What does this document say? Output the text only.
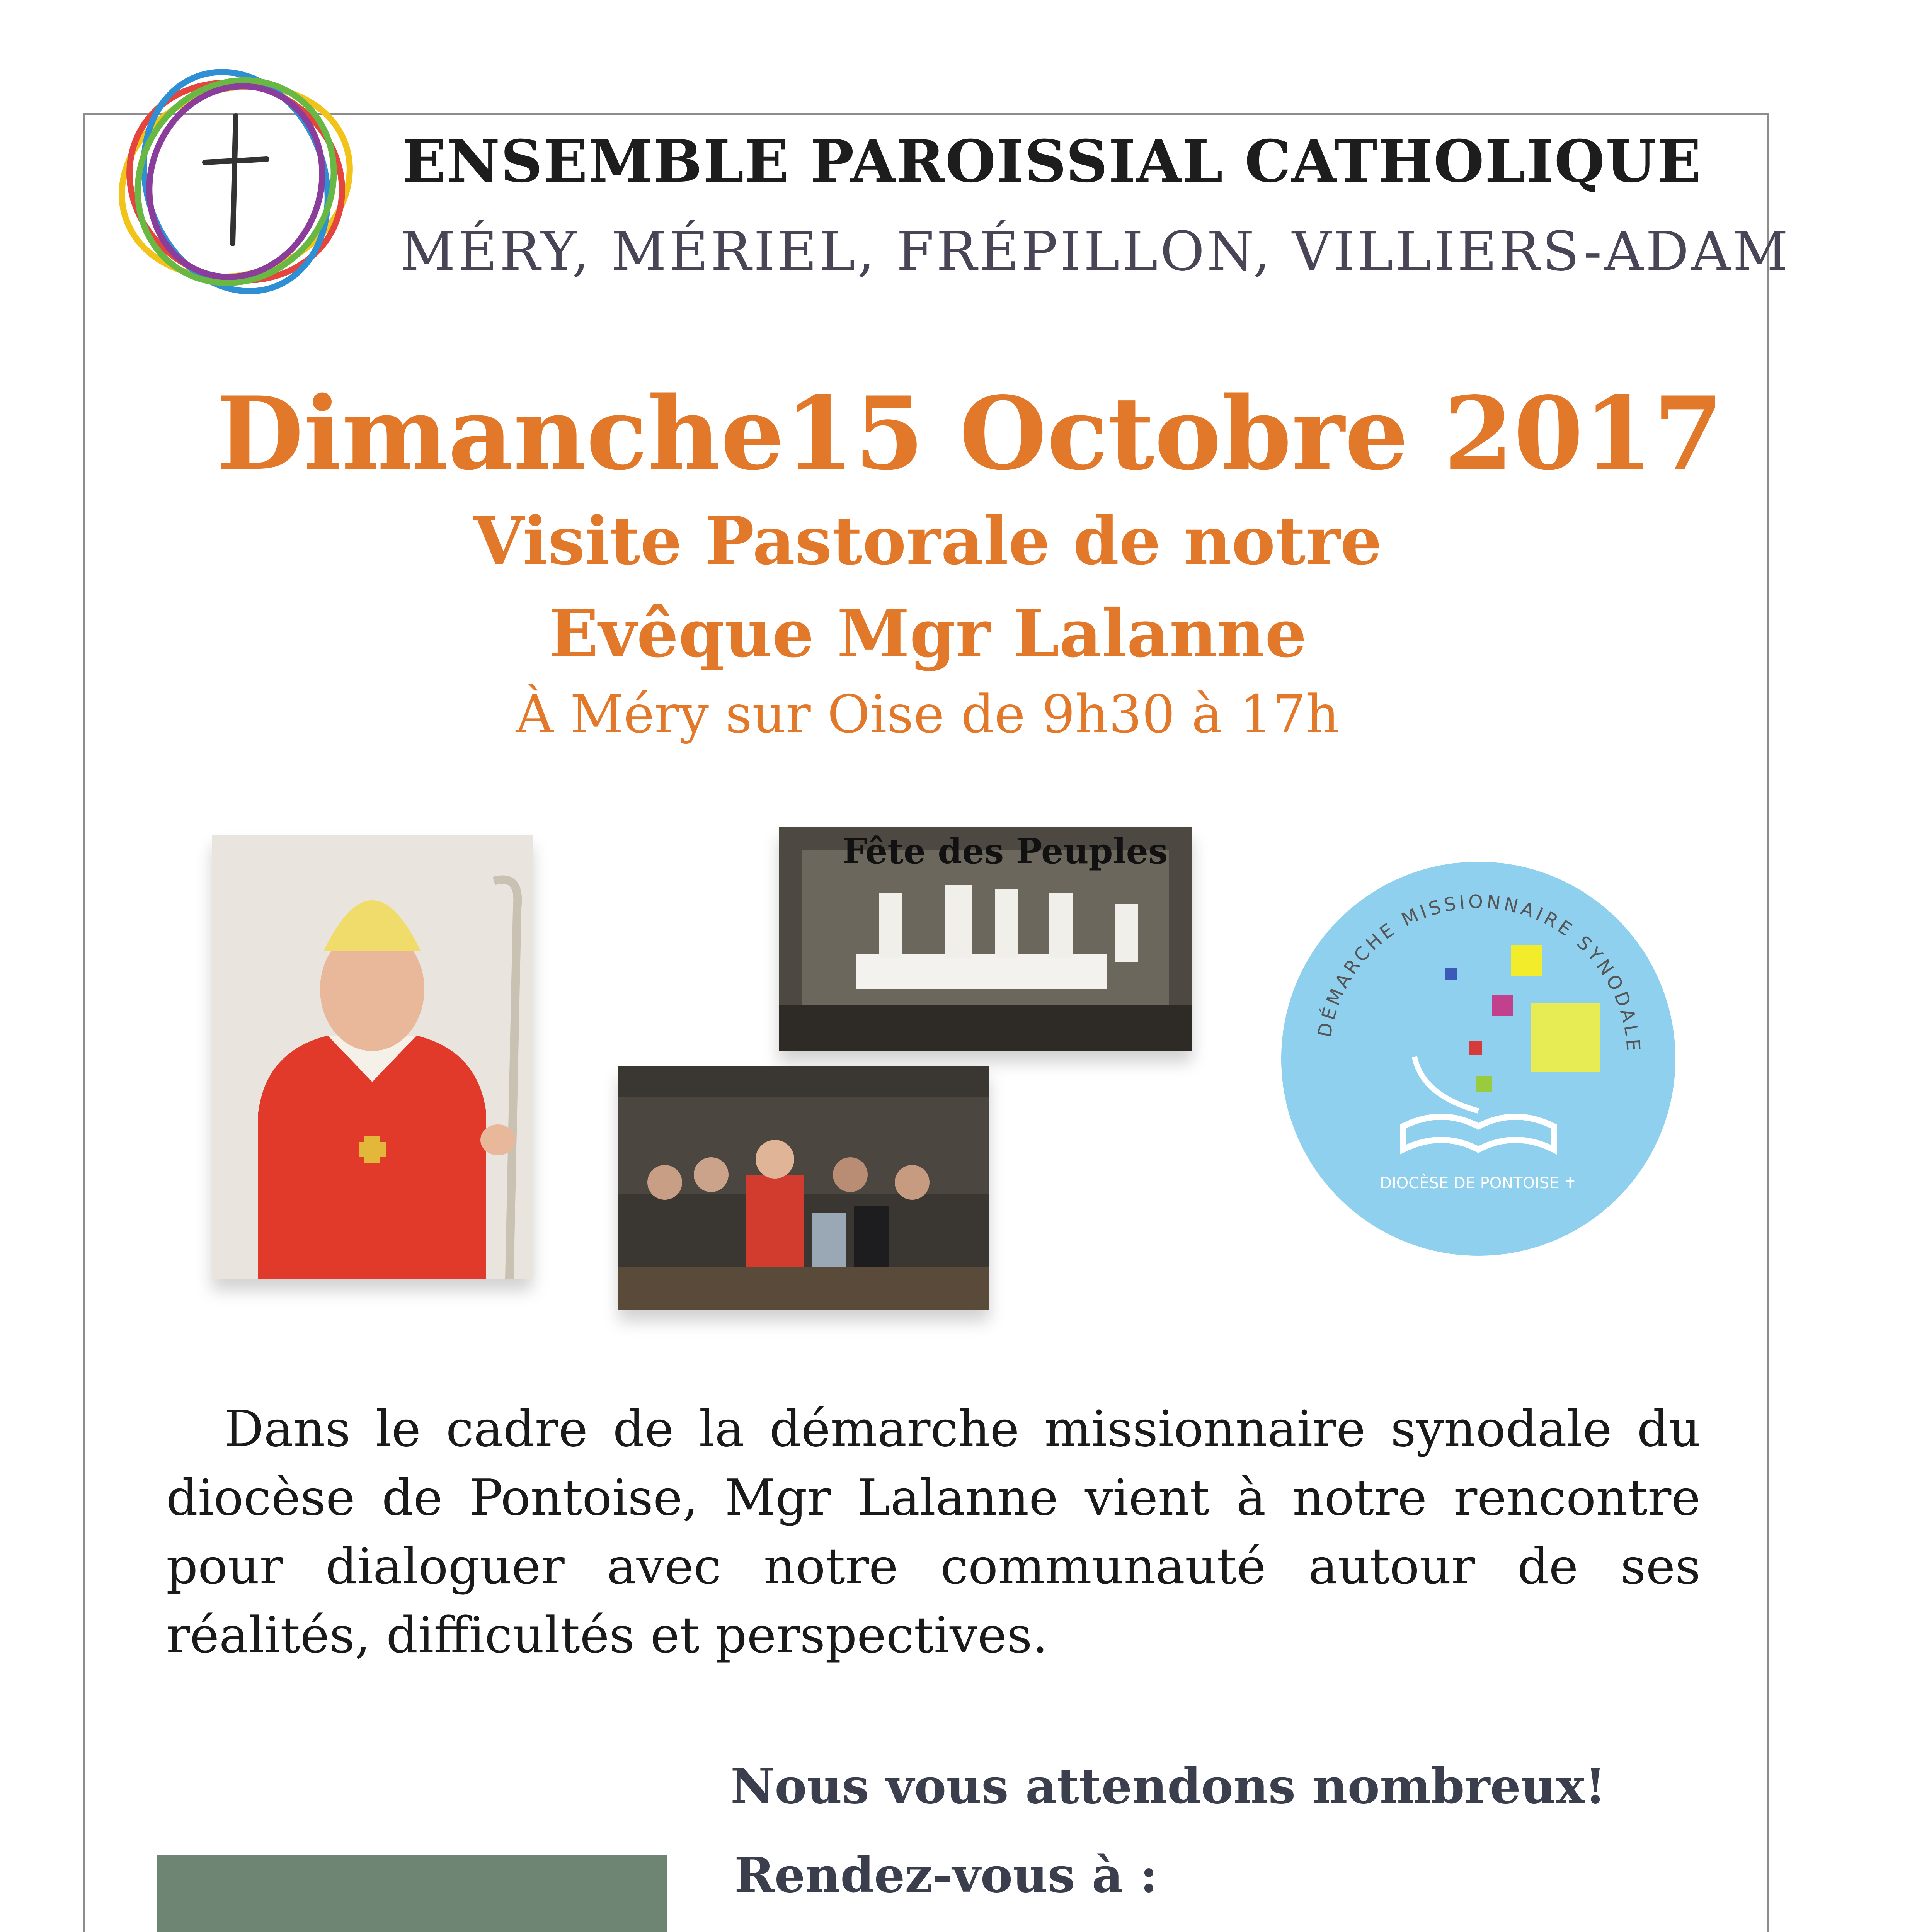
ENSEMBLE PAROISSIAL CATHOLIQUE
MÉRY, MÉRIEL, FRÉPILLON, VILLIERS-ADAM
Dimanche15 Octobre 2017
Visite Pastorale de notre
Evêque Mgr Lalanne
À Méry sur Oise de 9h30 à 17h
Fête des Peuples
DÉMARCHE MISSIONNAIRE SYNODALE
DIOCÈSE DE PONTOISE ✝
Dans le cadre de la démarche missionnaire synodale du diocèse de Pontoise, Mgr Lalanne vient à notre rencontre pour dialoguer avec notre communauté autour de ses réalités, difficultés et perspectives.
Nous vous attendons nombreux!
Rendez-vous à :
